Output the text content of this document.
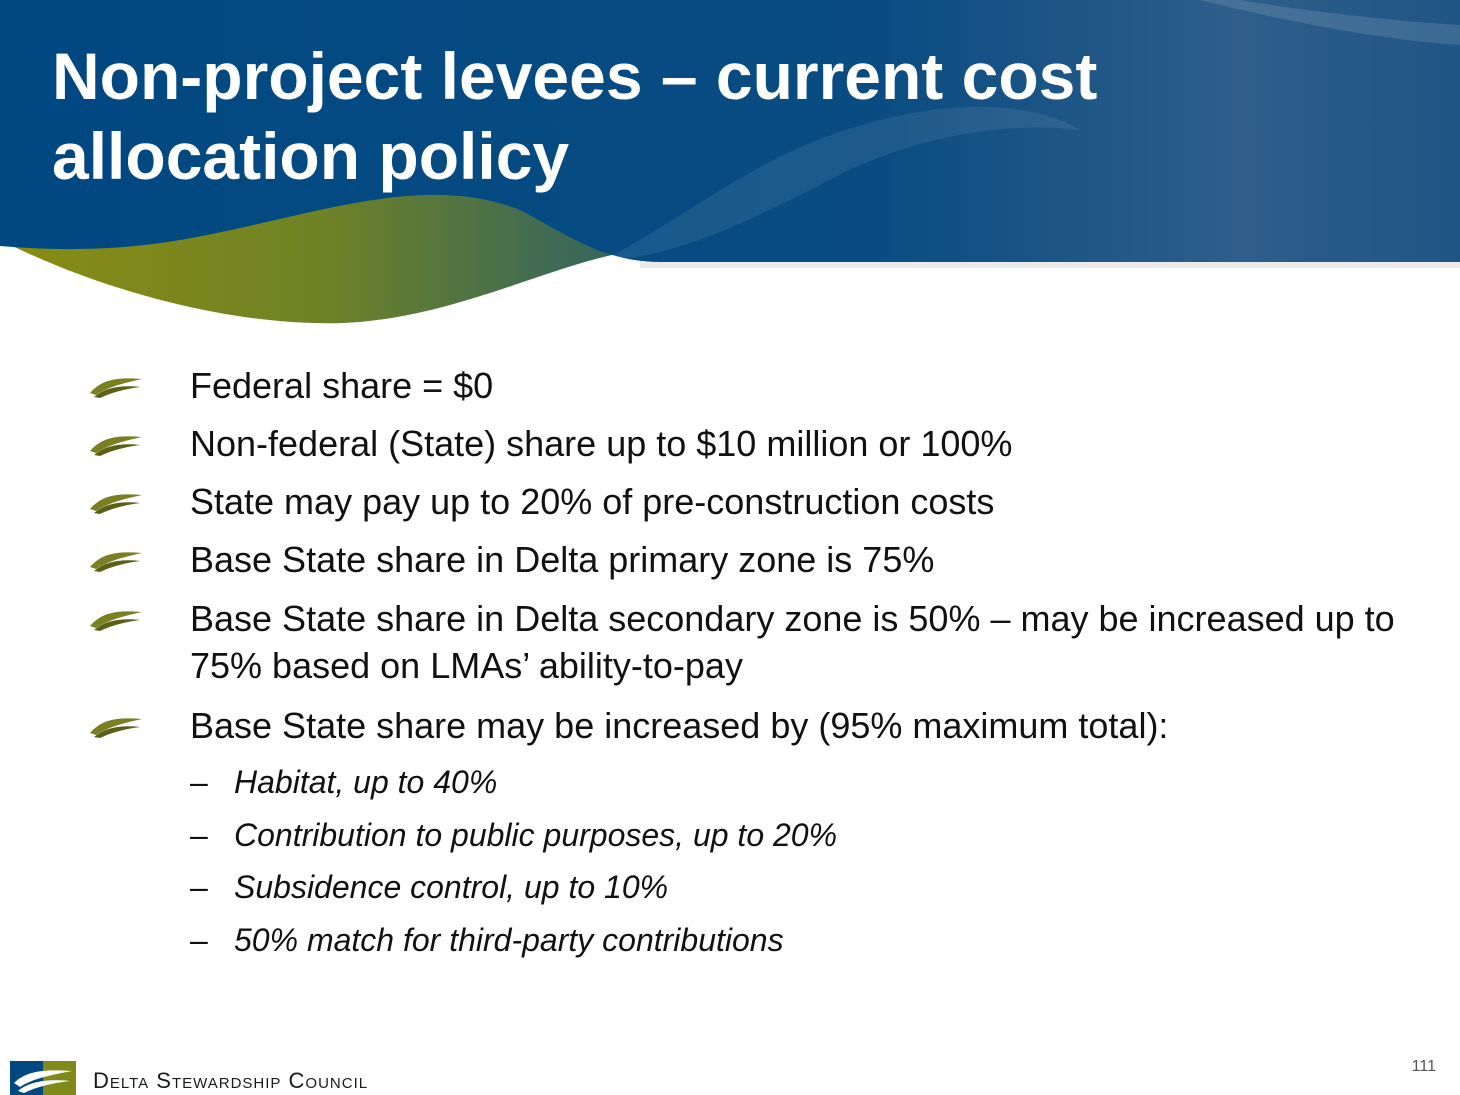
Non-project levees – current cost
allocation policy
Federal share = $0
Non-federal (State) share up to $10 million or 100%
State may pay up to 20% of pre-construction costs
Base State share in Delta primary zone is 75%
Base State share in Delta secondary zone is 50% – may be increased up to 75% based on LMAs’ ability-to-pay
Base State share may be increased by (95% maximum total):
– Habitat, up to 40%
– Contribution to public purposes, up to 20%
– Subsidence control, up to 10%
– 50% match for third-party contributions
Delta Stewardship Council
111
